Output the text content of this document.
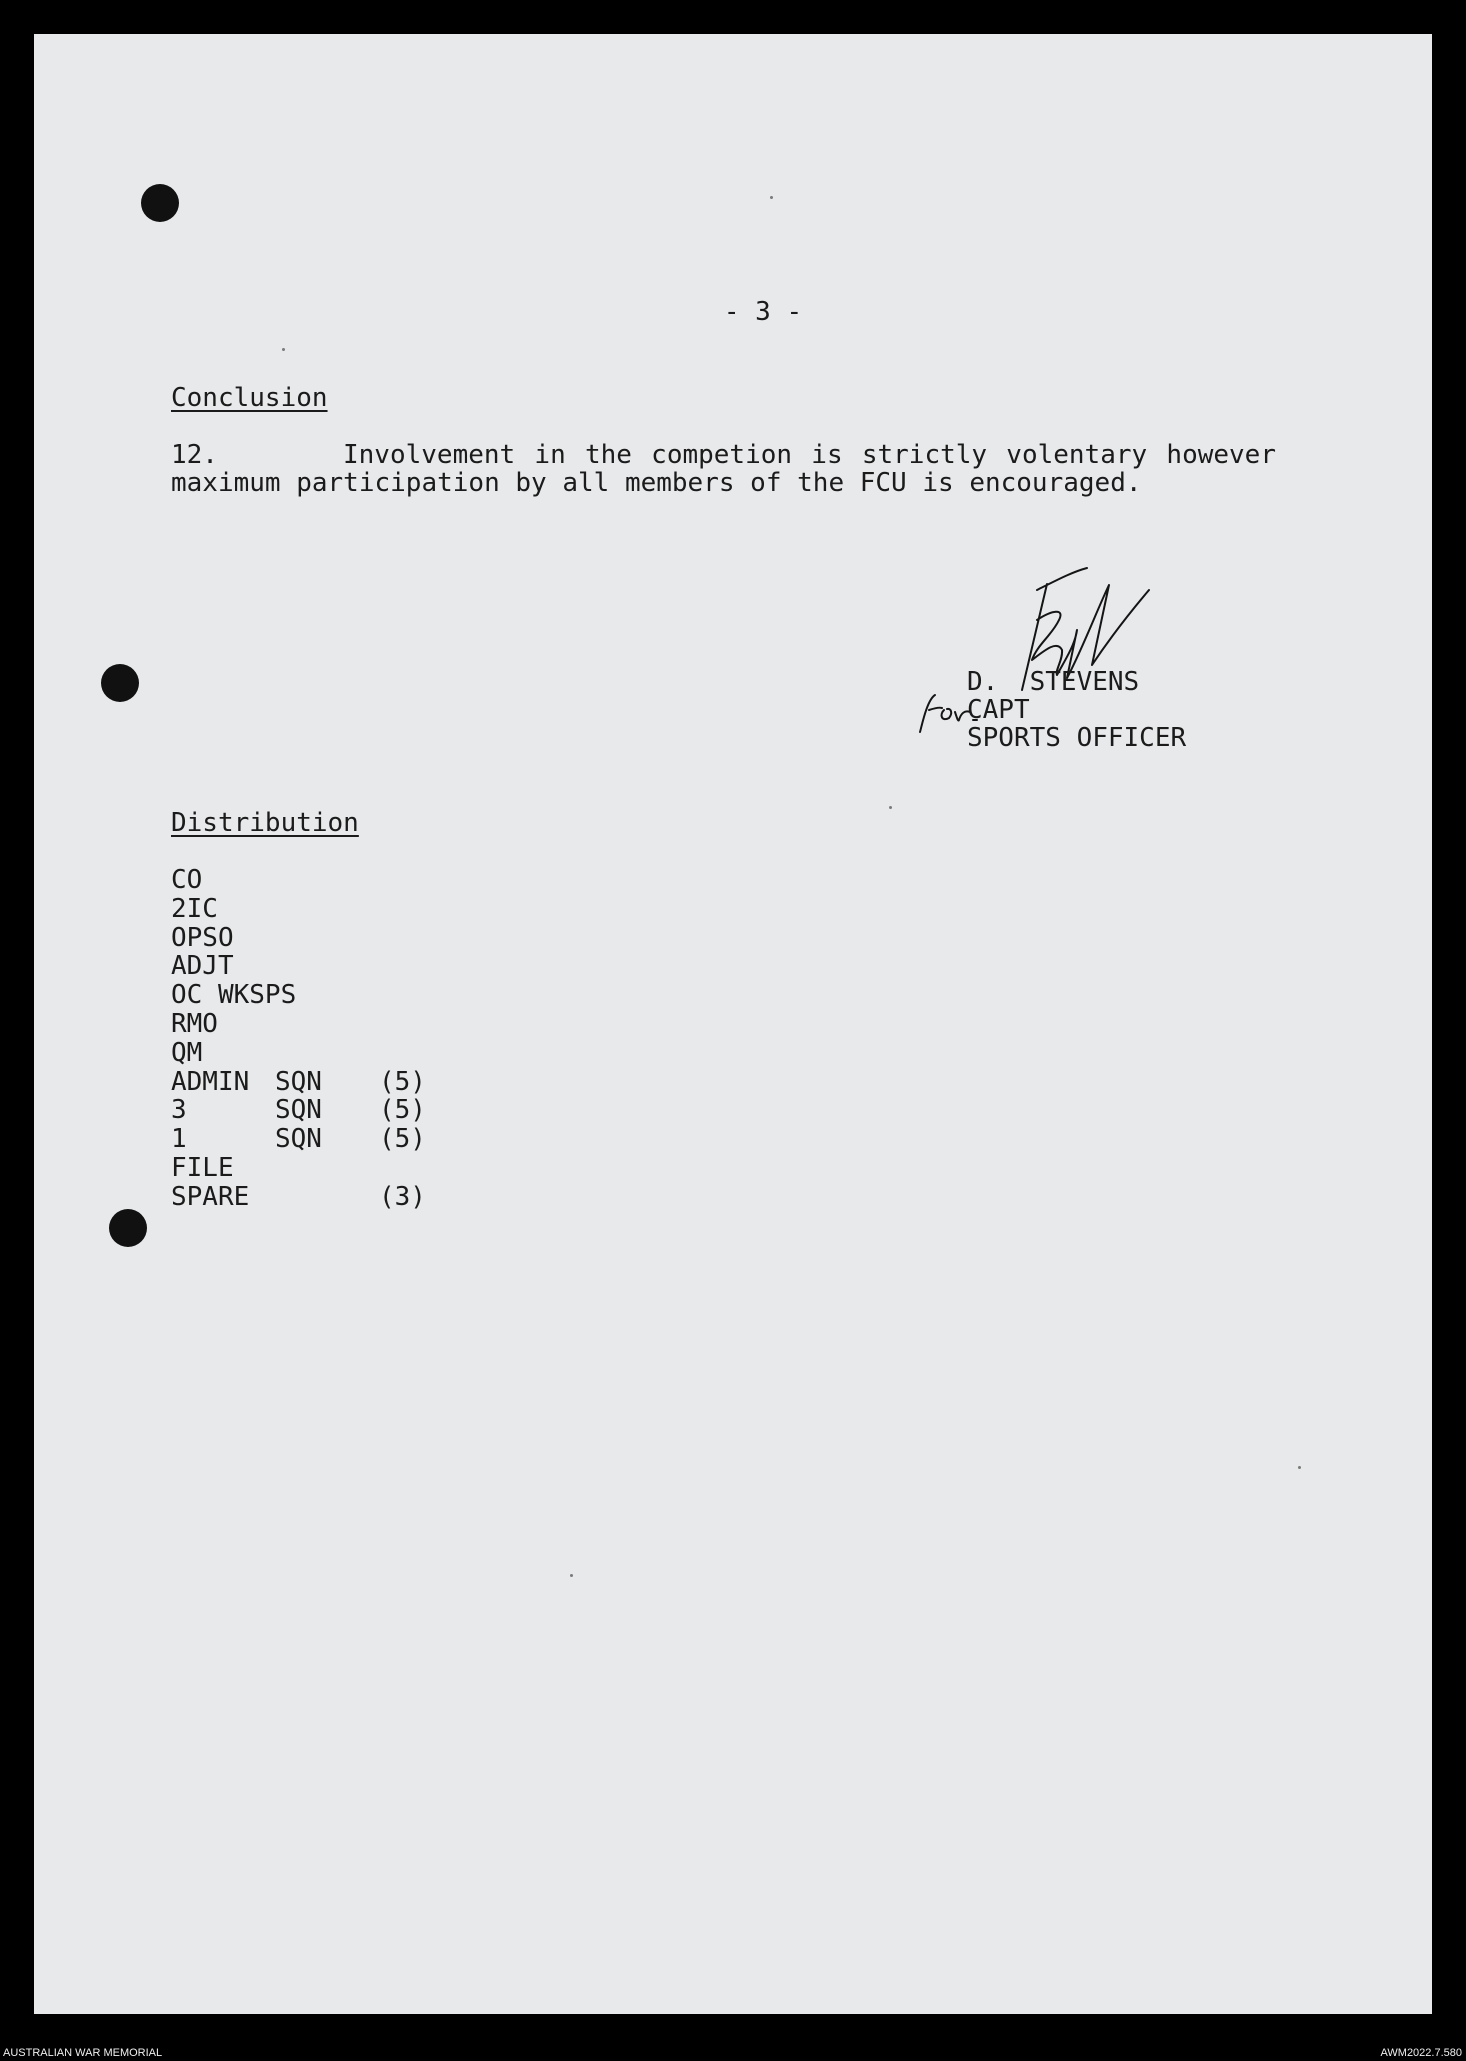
- 3 -
Conclusion

12.	Involvement in the competion is strictly volentary however maximum participation by all members of the FCU is encouraged.

D.  STEVENS
CAPT
SPORTS OFFICER
Distribution
CO
2IC
OPSO
ADJT
OC WKSPS
RMO
QM
ADMIN SQN (5)
3	SQN (5)
1	SQN (5)
FILE
SPARE	(3)
AUSTRALIAN WAR MEMORIAL	AWM2022.7.580
